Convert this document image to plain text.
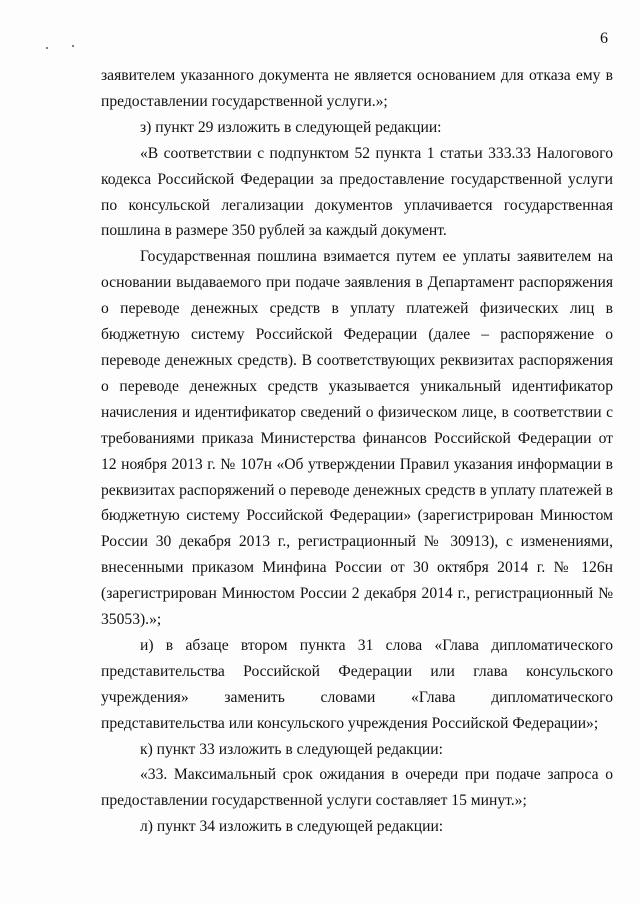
6

заявителем указанного документа не является основанием для отказа ему в предоставлении государственной услуги.»;

з) пункт 29 изложить в следующей редакции:

«В соответствии с подпунктом 52 пункта 1 статьи 333.33 Налогового кодекса Российской Федерации за предоставление государственной услуги по консульской легализации документов уплачивается государственная пошлина в размере 350 рублей за каждый документ.

Государственная пошлина взимается путем ее уплаты заявителем на основании выдаваемого при подаче заявления в Департамент распоряжения о переводе денежных средств в уплату платежей физических лиц в бюджетную систему Российской Федерации (далее – распоряжение о переводе денежных средств). В соответствующих реквизитах распоряжения о переводе денежных средств указывается уникальный идентификатор начисления и идентификатор сведений о физическом лице, в соответствии с требованиями приказа Министерства финансов Российской Федерации от 12 ноября 2013 г. № 107н «Об утверждении Правил указания информации в реквизитах распоряжений о переводе денежных средств в уплату платежей в бюджетную систему Российской Федерации» (зарегистрирован Минюстом России 30 декабря 2013 г., регистрационный № 30913), с изменениями, внесенными приказом Минфина России от 30 октября 2014 г. № 126н (зарегистрирован Минюстом России 2 декабря 2014 г., регистрационный № 35053).»;

и) в абзаце втором пункта 31 слова «Глава дипломатического представительства Российской Федерации или глава консульского учреждения» заменить словами «Глава дипломатического представительства или консульского учреждения Российской Федерации»;

к) пункт 33 изложить в следующей редакции:

«33. Максимальный срок ожидания в очереди при подаче запроса о предоставлении государственной услуги составляет 15 минут.»;

л) пункт 34 изложить в следующей редакции:
